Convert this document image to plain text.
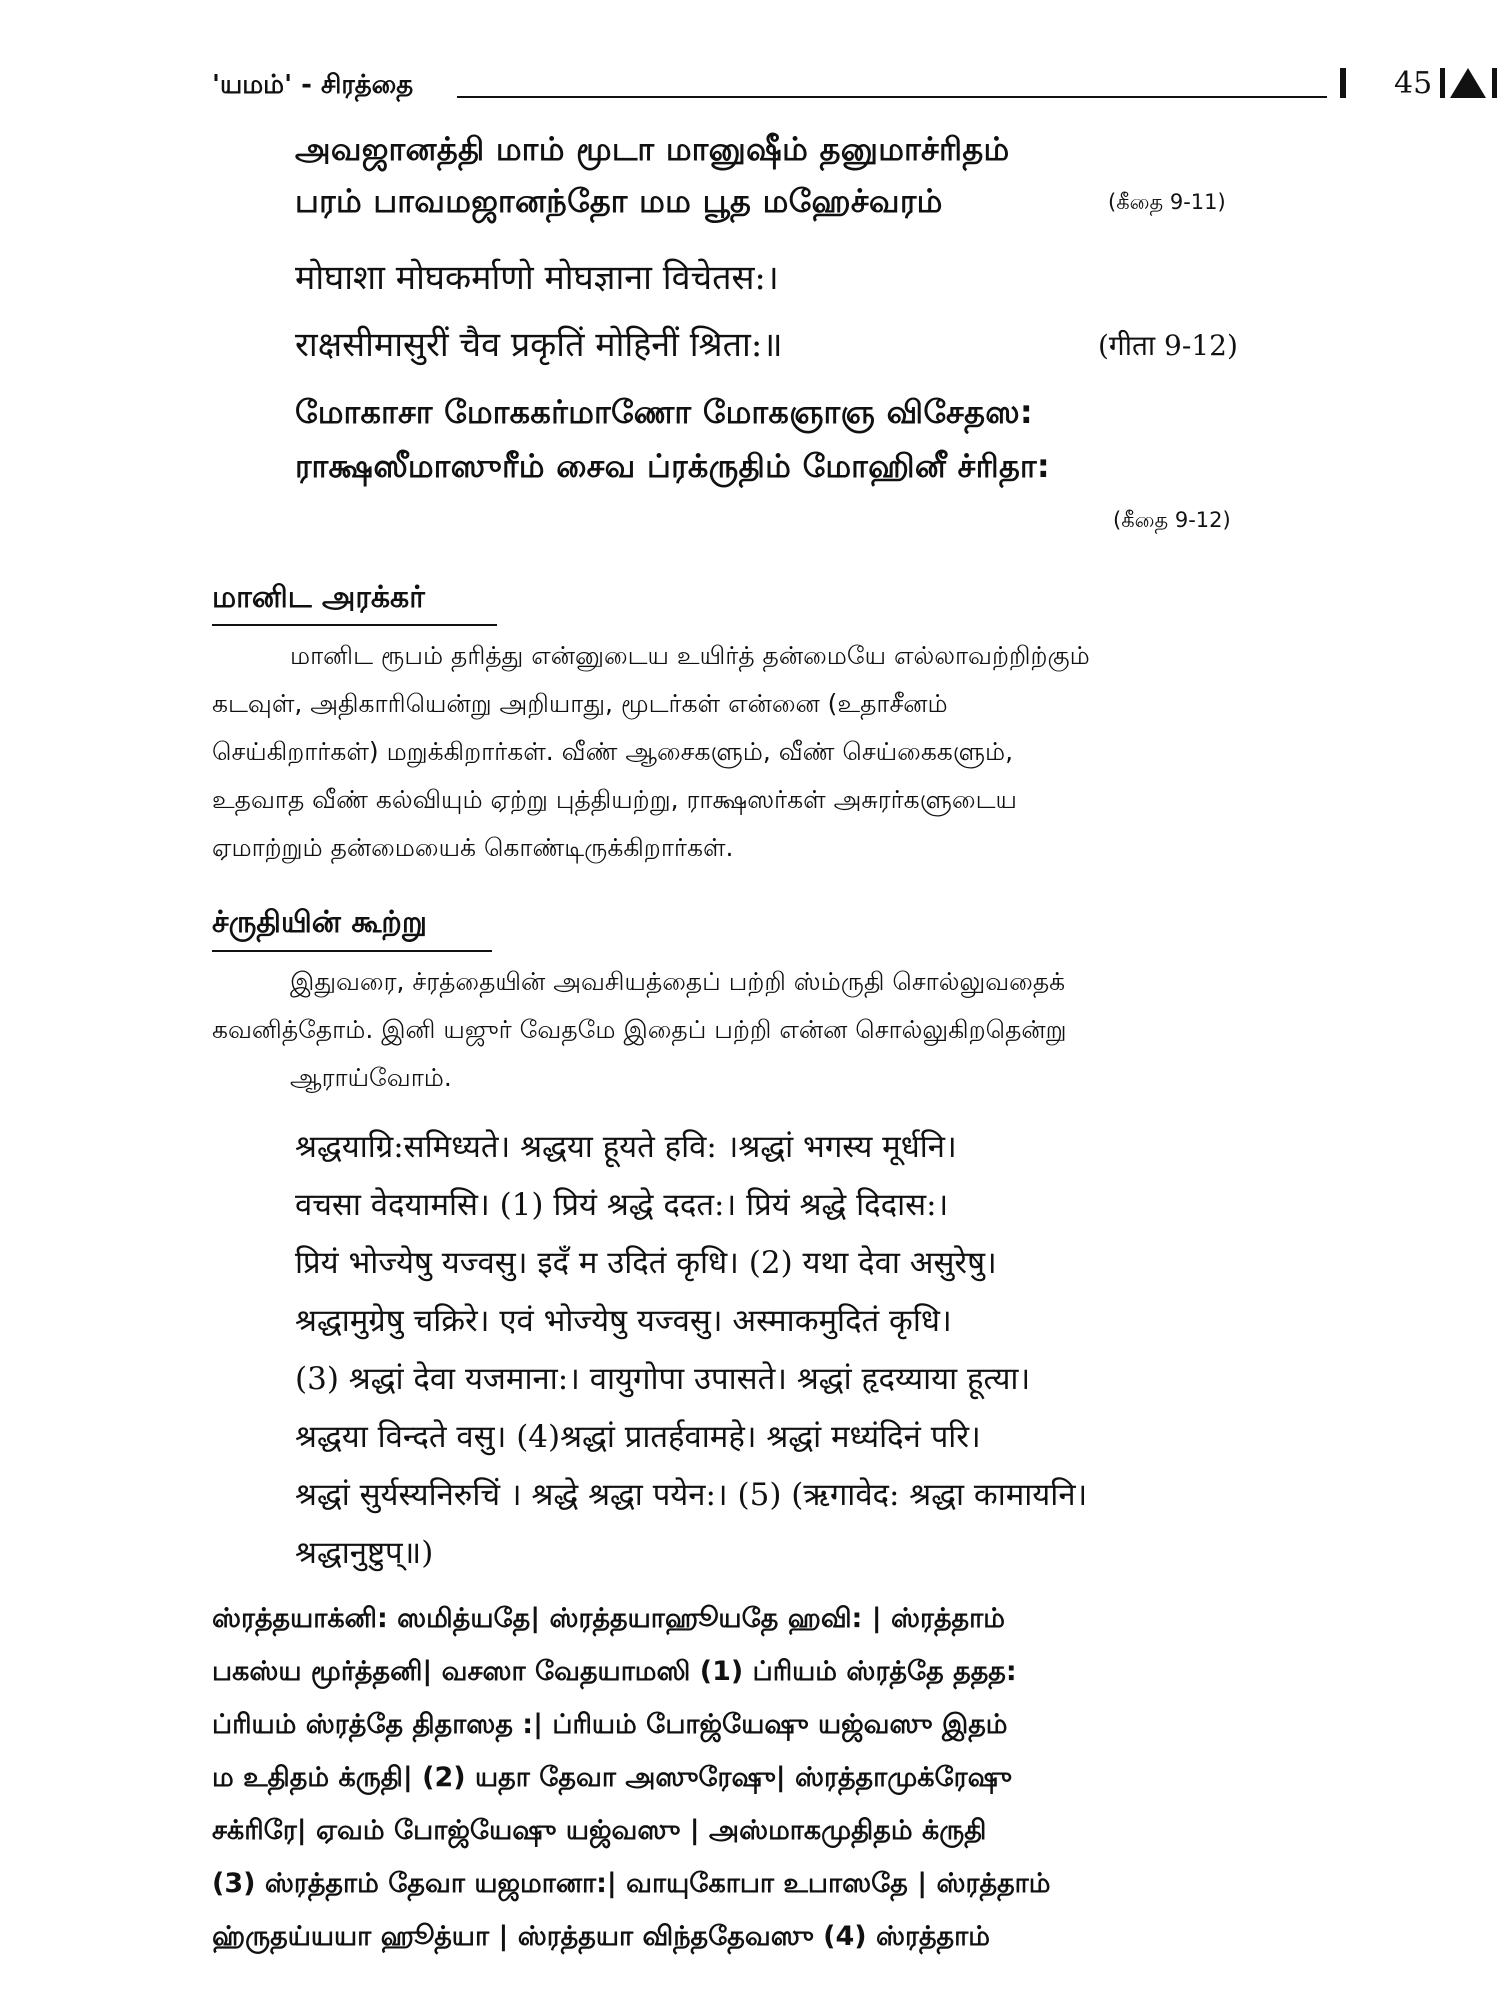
'யமம்' - சிரத்தை	45
அவஜானத்தி மாம் மூடா மானுஷீம் தனுமாச்ரிதம்
பரம் பாவமஜானந்தோ மம பூத மஹேச்வரம்	(கீதை 9-11)
मोघाशा मोघकर्माणो मोघज्ञाना विचेतस:।
राक्षसीमासुरीं चैव प्रकृतिं मोहिनीं श्रिता:॥	(गीता 9-12)
மோகாசா மோககர்மாணோ மோகஞாஞ விசேதஸ:
ராக்ஷஸீமாஸுரீம் சைவ ப்ரக்ருதிம் மோஹினீ ச்ரிதா:
(கீதை 9-12)
மானிட அரக்கர்
மானிட ரூபம் தரித்து என்னுடைய உயிர்த் தன்மையே எல்லாவற்றிற்கும்
கடவுள், அதிகாரியென்று அறியாது, மூடர்கள் என்னை (உதாசீனம்
செய்கிறார்கள்) மறுக்கிறார்கள். வீண் ஆசைகளும், வீண் செய்கைகளும்,
உதவாத வீண் கல்வியும் ஏற்று புத்தியற்று, ராக்ஷஸர்கள் அசுரர்களுடைய
ஏமாற்றும் தன்மையைக் கொண்டிருக்கிறார்கள்.
ச்ருதியின் கூற்று
இதுவரை, ச்ரத்தையின் அவசியத்தைப் பற்றி ஸ்ம்ருதி சொல்லுவதைக்
கவனித்தோம். இனி யஜுர் வேதமே இதைப் பற்றி என்ன சொல்லுகிறதென்று
ஆராய்வோம்.
श्रद्धयाग्रि:समिध्यते। श्रद्धया हूयते हवि: ।श्रद्धां भगस्य मूर्धनि।
वचसा वेदयामसि। (1) प्रियं श्रद्धे ददत:। प्रियं श्रद्धे दिदास:।
प्रियं भोज्येषु यज्वसु। इदँ म उदितं कृधि। (2) यथा देवा असुरेषु।
श्रद्धामुग्रेषु चक्रिरे। एवं भोज्येषु यज्वसु। अस्माकमुदितं कृधि।
(3) श्रद्धां देवा यजमाना:। वायुगोपा उपासते। श्रद्धां हृदय्याया हूत्या।
श्रद्धया विन्दते वसु। (4)श्रद्धां प्रातर्हवामहे। श्रद्धां मध्यंदिनं परि।
श्रद्धां सुर्यस्यनिरुचिं । श्रद्धे श्रद्धा पयेन:। (5) (ऋगावेद: श्रद्धा कामायनि।
श्रद्धानुष्टुप्॥)
ஸ்ரத்தயாக்னி: ஸமித்யதே| ஸ்ரத்தயாஹூயதே ஹவி: | ஸ்ரத்தாம்
பகஸ்ய மூர்த்தனி| வசஸா வேதயாமஸி (1) ப்ரியம் ஸ்ரத்தே ததத:
ப்ரியம் ஸ்ரத்தே திதாஸத :| ப்ரியம் போஜ்யேஷு யஜ்வஸு இதம்
ம உதிதம் க்ருதி| (2) யதா தேவா அஸுரேஷு| ஸ்ரத்தாமுக்ரேஷு
சக்ரிரே| ஏவம் போஜ்யேஷு யஜ்வஸு | அஸ்மாகமுதிதம் க்ருதி
(3) ஸ்ரத்தாம் தேவா யஜமானா:| வாயுகோபா உபாஸதே | ஸ்ரத்தாம்
ஹ்ருதய்யயா ஹூத்யா | ஸ்ரத்தயா விந்ததேவஸு (4) ஸ்ரத்தாம்
